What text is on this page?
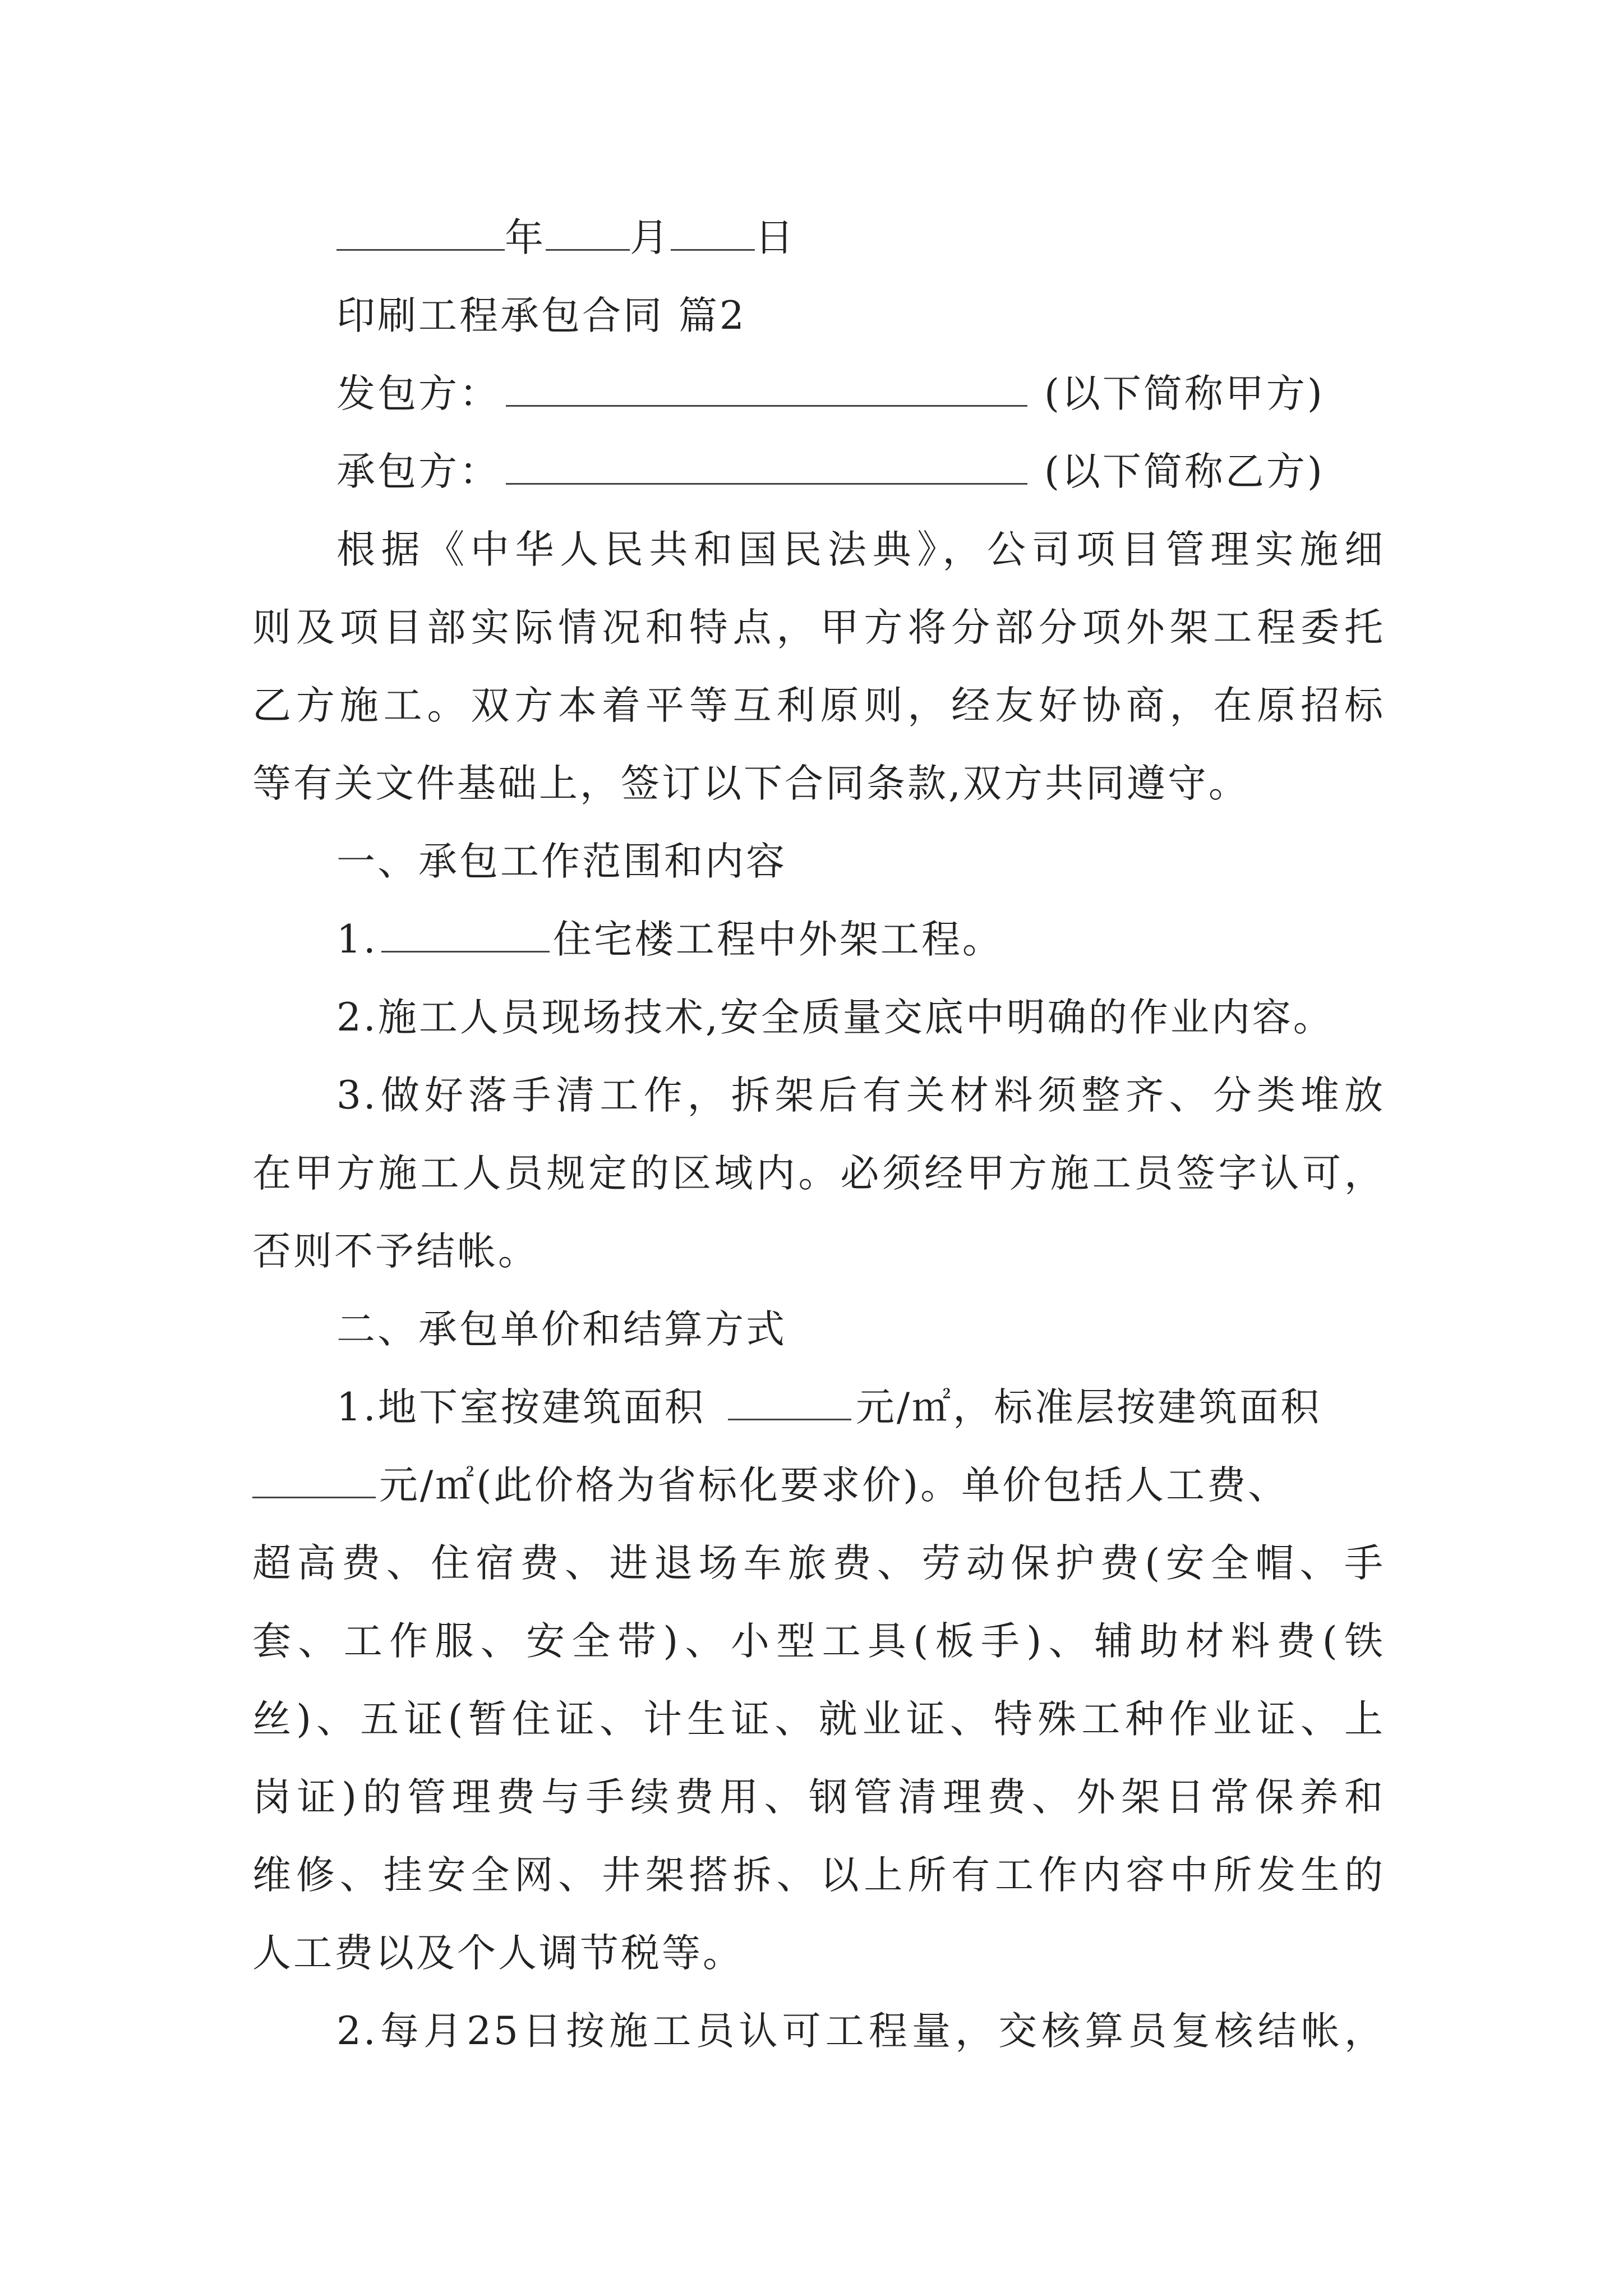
年 月 日

印刷工程承包合同 篇2

发包方：	(以下简称甲方)

承包方：	(以下简称乙方)

根据《中华人民共和国民法典》，公司项目管理实施细

则及项目部实际情况和特点，甲方将分部分项外架工程委托

乙方施工。双方本着平等互利原则，经友好协商，在原招标

等有关文件基础上，签订以下合同条款,双方共同遵守。

一、承包工作范围和内容

1.	住宅楼工程中外架工程。

2.施工人员现场技术,安全质量交底中明确的作业内容。

3.做好落手清工作，拆架后有关材料须整齐、分类堆放

在甲方施工人员规定的区域内。必须经甲方施工员签字认可，

否则不予结帐。

二、承包单价和结算方式

1.地下室按建筑面积	元/㎡，标准层按建筑面积

元/㎡(此价格为省标化要求价)。单价包括人工费、

超高费、住宿费、进退场车旅费、劳动保护费(安全帽、手

套、工作服、安全带)、小型工具(板手)、辅助材料费(铁

丝)、五证(暂住证、计生证、就业证、特殊工种作业证、上

岗证)的管理费与手续费用、钢管清理费、外架日常保养和

维修、挂安全网、井架搭拆、以上所有工作内容中所发生的

人工费以及个人调节税等。

2.每月25日按施工员认可工程量，交核算员复核结帐，
